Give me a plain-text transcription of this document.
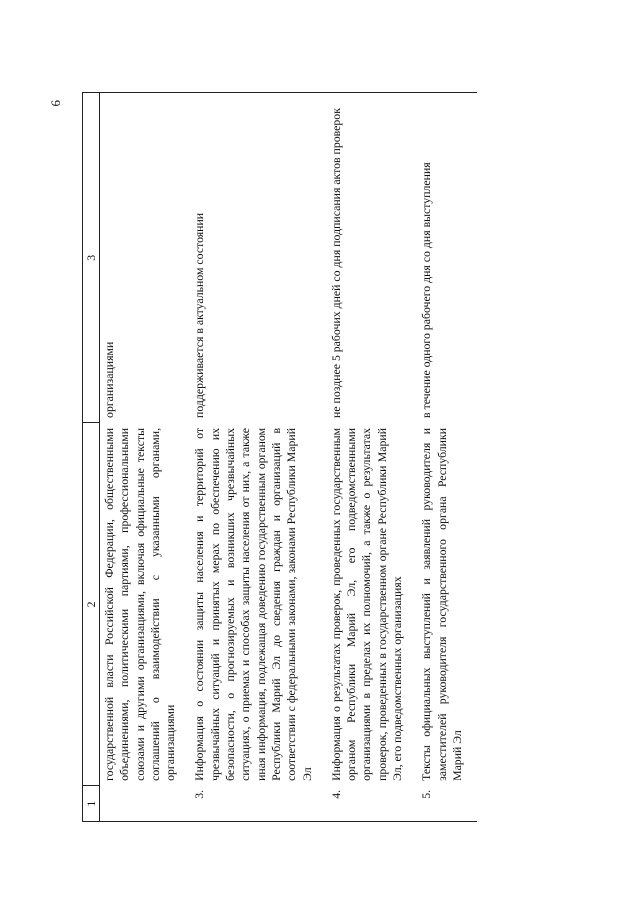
6
1	2	3
	государственной власти Российской Федерации, общественными объединениями, политическими партиями, профессиональными союзами и другими организациями, включая официальные тексты соглашений о взаимодействии с указанными органами, организациями	организациями
3.	Информация о состоянии защиты населения и территорий от чрезвычайных ситуаций и принятых мерах по обеспечению их безопасности, о прогнозируемых и возникших чрезвычайных ситуациях, о приемах и способах защиты населения от них, а также иная информация, подлежащая доведению государственным органом Республики Марий Эл до сведения граждан и организаций в соответствии с федеральными законами, законами Республики Марий Эл	поддерживается в актуальном состоянии
4.	Информация о результатах проверок, проведенных государственным органом Республики Марий Эл, его подведомственными организациями в пределах их полномочий, а также о результатах проверок, проведенных в государственном органе Республики Марий Эл, его подведомственных организациях	не позднее 5 рабочих дней со дня подписания актов проверок
5.	Тексты официальных выступлений и заявлений руководителя и заместителей руководителя государственного органа Республики Марий Эл	в течение одного рабочего дня со дня выступления
